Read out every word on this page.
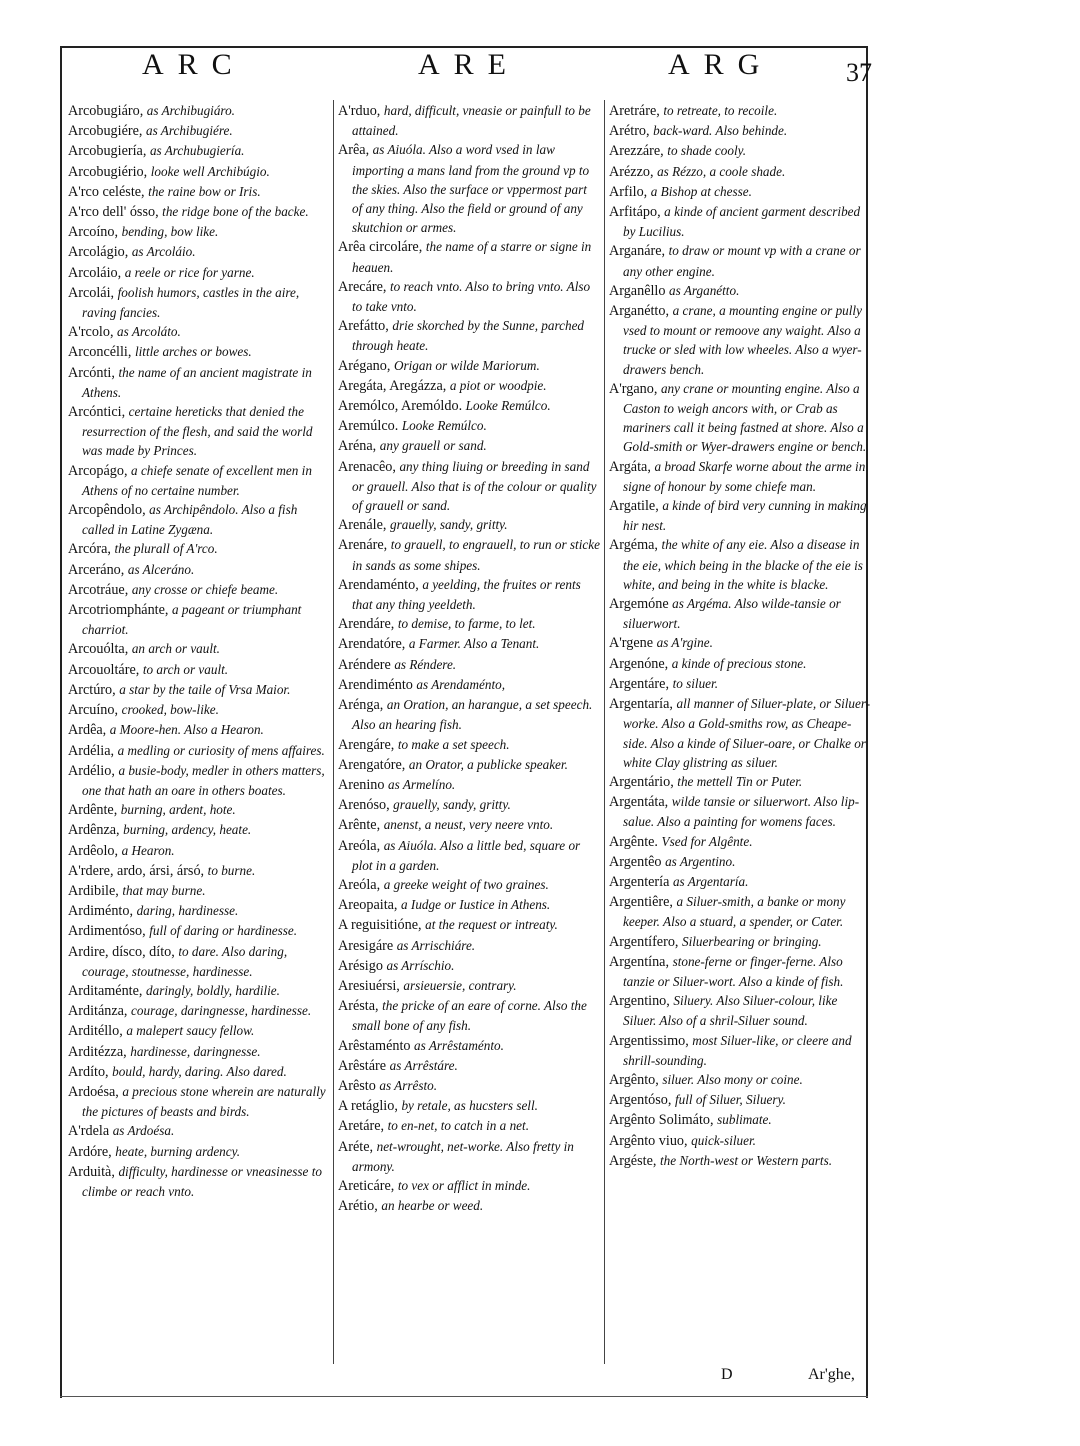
ARC	ARE	ARG	37

Arcobugiáro, as Archibugiáro.

Arcobugiére, as Archibugiére.

Arcobugiería, as Archubugiería.

Arcobugiério, looke well Archibúgio.

A'rco celéste, the raine bow or Iris.

A'rco dell' ósso, the ridge bone of the backe.

Arcoíno, bending, bow like.

Arcolágio, as Arcoláio.

Arcoláio, a reele or rice for yarne.

Arcolái, foolish humors, castles in the aire, raving fancies.

A'rcolo, as Arcoláto.

Arconcélli, little arches or bowes.

Arcónti, the name of an ancient magistrate in Athens.

Arcóntici, certaine hereticks that denied the resurrection of the flesh, and said the world was made by Princes.

Arcopágo, a chiefe senate of excellent men in Athens of no certaine number.

Arcopêndolo, as Archipêndolo. Also a fish called in Latine Zygæna.

Arcóra, the plurall of A'rco.

Arceráno, as Alceráno.

Arcotráue, any crosse or chiefe beame.

Arcotriomphánte, a pageant or triumphant charriot.

Arcouólta, an arch or vault.

Arcouoltáre, to arch or vault.

Arctúro, a star by the taile of Vrsa Maior.

Arcuíno, crooked, bow-like.

Ardêa, a Moore-hen. Also a Hearon.

Ardélia, a medling or curiosity of mens affaires.

Ardélio, a busie-body, medler in others matters, one that hath an oare in others boates.

Ardênte, burning, ardent, hote.

Ardênza, burning, ardency, heate.

Ardêolo, a Hearon.

A'rdere, ardo, ársi, ársó, to burne.

Ardibile, that may burne.

Ardiménto, daring, hardinesse.

Ardimentóso, full of daring or hardinesse.

Ardire, dísco, díto, to dare. Also daring, courage, stoutnesse, hardinesse.

Arditaménte, daringly, boldly, hardilie.

Arditánza, courage, daringnesse, hardinesse.

Arditéllo, a malepert saucy fellow.

Arditézza, hardinesse, daringnesse.

Ardíto, bould, hardy, daring. Also dared.

Ardoésa, a precious stone wherein are naturally the pictures of beasts and birds.

A'rdela as Ardoésa.

Ardóre, heate, burning ardency.

Arduità, difficulty, hardinesse or vneasinesse to climbe or reach vnto.

A'rduo, hard, difficult, vneasie or painfull to be attained.

Arêa, as Aiuóla. Also a word vsed in law importing a mans land from the ground vp to the skies. Also the surface or vppermost part of any thing. Also the field or ground of any skutchion or armes.

Arêa circoláre, the name of a starre or signe in heauen.

Arecáre, to reach vnto. Also to bring vnto. Also to take vnto.

Arefátto, drie skorched by the Sunne, parched through heate.

Arégano, Origan or wilde Mariorum.

Aregáta, Aregázza, a piot or woodpie.

Aremólco, Aremóldo. Looke Remúlco.

Aremúlco. Looke Remúlco.

Aréna, any grauell or sand.

Arenacêo, any thing liuing or breeding in sand or grauell. Also that is of the colour or quality of grauell or sand.

Arenále, grauelly, sandy, gritty.

Arenáre, to grauell, to engrauell, to run or sticke in sands as some shipes.

Arendaménto, a yeelding, the fruites or rents that any thing yeeldeth.

Arendáre, to demise, to farme, to let.

Arendatóre, a Farmer. Also a Tenant.

Aréndere as Réndere.

Arendiménto as Arendaménto,

Arénga, an Oration, an harangue, a set speech. Also an hearing fish.

Arengáre, to make a set speech.

Arengatóre, an Orator, a publicke speaker.

Arenino as Armelíno.

Arenóso, grauelly, sandy, gritty.

Arênte, anenst, a neust, very neere vnto.

Areóla, as Aiuóla. Also a little bed, square or plot in a garden.

Areóla, a greeke weight of two graines.

Areopaita, a Iudge or Iustice in Athens.

A reguisitióne, at the request or intreaty.

Aresigáre as Arrischiáre.

Arésigo as Arríschio.

Aresiuérsi, arsieuersie, contrary.

Arésta, the pricke of an eare of corne. Also the small bone of any fish.

Arêstaménto as Arrêstaménto.

Arêstáre as Arrêstáre.

Arêsto as Arrêsto.

A retáglio, by retale, as hucsters sell.

Aretáre, to en-net, to catch in a net.

Aréte, net-wrought, net-worke. Also fretty in armony.

Areticáre, to vex or afflict in minde.

Arétio, an hearbe or weed.

Aretráre, to retreate, to recoile.

Arétro, back-ward. Also behinde.

Arezzáre, to shade cooly.

Arézzo, as Rézzo, a coole shade.

Arfilo, a Bishop at chesse.

Arfitápo, a kinde of ancient garment described by Lucilius.

Arganáre, to draw or mount vp with a crane or any other engine.

Arganêllo as Arganétto.

Arganétto, a crane, a mounting engine or pully vsed to mount or remoove any waight. Also a trucke or sled with low wheeles. Also a wyer-drawers bench.

A'rgano, any crane or mounting engine. Also a Caston to weigh ancors with, or Crab as mariners call it being fastned at shore. Also a Gold-smith or Wyer-drawers engine or bench.

Argáta, a broad Skarfe worne about the arme in signe of honour by some chiefe man.

Argatile, a kinde of bird very cunning in making hir nest.

Argéma, the white of any eie. Also a disease in the eie, which being in the blacke of the eie is white, and being in the white is blacke.

Argemóne as Argéma. Also wilde-tansie or siluerwort.

A'rgene as A'rgine.

Argenóne, a kinde of precious stone.

Argentáre, to siluer.

Argentaría, all manner of Siluer-plate, or Siluer-worke. Also a Gold-smiths row, as Cheape-side. Also a kinde of Siluer-oare, or Chalke or white Clay glistring as siluer.

Argentário, the mettell Tin or Puter.

Argentáta, wilde tansie or siluerwort. Also lip-salue. Also a painting for womens faces.

Argênte. Vsed for Algênte.

Argentêo as Argentino.

Argentería as Argentaría.

Argentiêre, a Siluer-smith, a banke or mony keeper. Also a stuard, a spender, or Cater.

Argentífero, Siluerbearing or bringing.

Argentína, stone-ferne or finger-ferne. Also tanzie or Siluer-wort. Also a kinde of fish.

Argentino, Siluery. Also Siluer-colour, like Siluer. Also of a shril-Siluer sound.

Argentissimo, most Siluer-like, or cleere and shrill-sounding.

Argênto, siluer. Also mony or coine.

Argentóso, full of Siluer, Siluery.

Argênto Solimáto, sublimate.

Argênto viuo, quick-siluer.

Argéste, the North-west or Western parts.

D	Ar'ghe,
